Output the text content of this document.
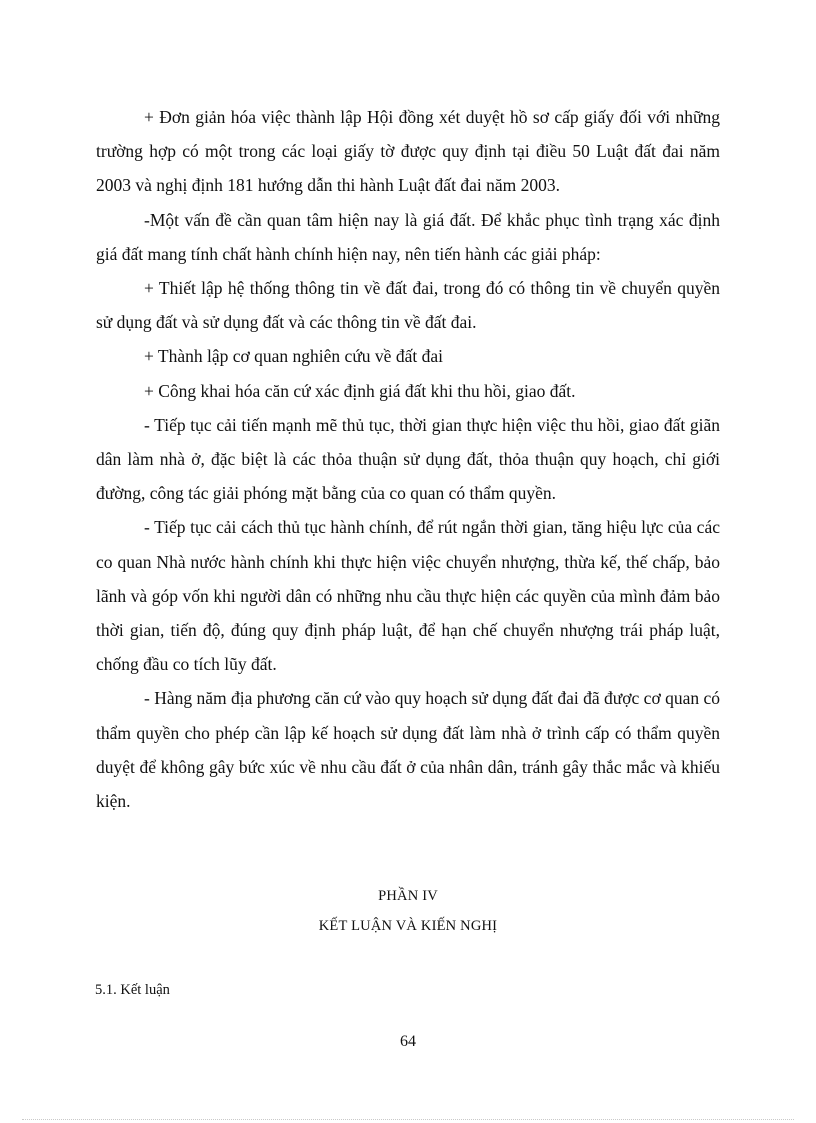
+ Đơn giản hóa việc thành lập Hội đồng xét duyệt hồ sơ cấp giấy đối với những trường hợp có một trong các loại giấy tờ được quy định tại điều 50 Luật đất đai năm 2003 và nghị định 181 hướng dẫn thi hành Luật đất đai năm 2003.

-Một vấn đề cần quan tâm hiện nay là giá đất. Để khắc phục tình trạng xác định giá đất mang tính chất hành chính hiện nay, nên tiến hành các giải pháp:

+ Thiết lập hệ thống thông tin về đất đai, trong đó có thông tin về chuyển quyền sử dụng đất và sử dụng đất và các thông tin về đất đai.

+ Thành lập cơ quan nghiên cứu về đất đai

+ Công khai hóa căn cứ xác định giá đất khi thu hồi, giao đất.

- Tiếp tục cải tiến mạnh mẽ thủ tục, thời gian thực hiện việc thu hồi, giao đất giãn dân làm nhà ở, đặc biệt là các thỏa thuận sử dụng đất, thỏa thuận quy hoạch, chỉ giới đường, công tác giải phóng mặt bằng của co quan có thẩm quyền.

- Tiếp tục cải cách thủ tục hành chính, để rút ngắn thời gian, tăng hiệu lực của các co quan Nhà nước hành chính khi thực hiện việc chuyển nhượng, thừa kế, thế chấp, bảo lãnh và góp vốn khi người dân có những nhu cầu thực hiện các quyền của mình đảm bảo thời gian, tiến độ, đúng quy định pháp luật, để hạn chế chuyển nhượng trái pháp luật, chống đầu co tích lũy đất.

- Hàng năm địa phương căn cứ vào quy hoạch sử dụng đất đai đã được cơ quan có thẩm quyền cho phép cần lập kế hoạch sử dụng đất làm nhà ở trình cấp có thẩm quyền duyệt để không gây bức xúc về nhu cầu đất ở của nhân dân, tránh gây thắc mắc và khiếu kiện.

PHẦN IV
KẾT LUẬN VÀ KIẾN NGHỊ
5.1. Kết luận
64
